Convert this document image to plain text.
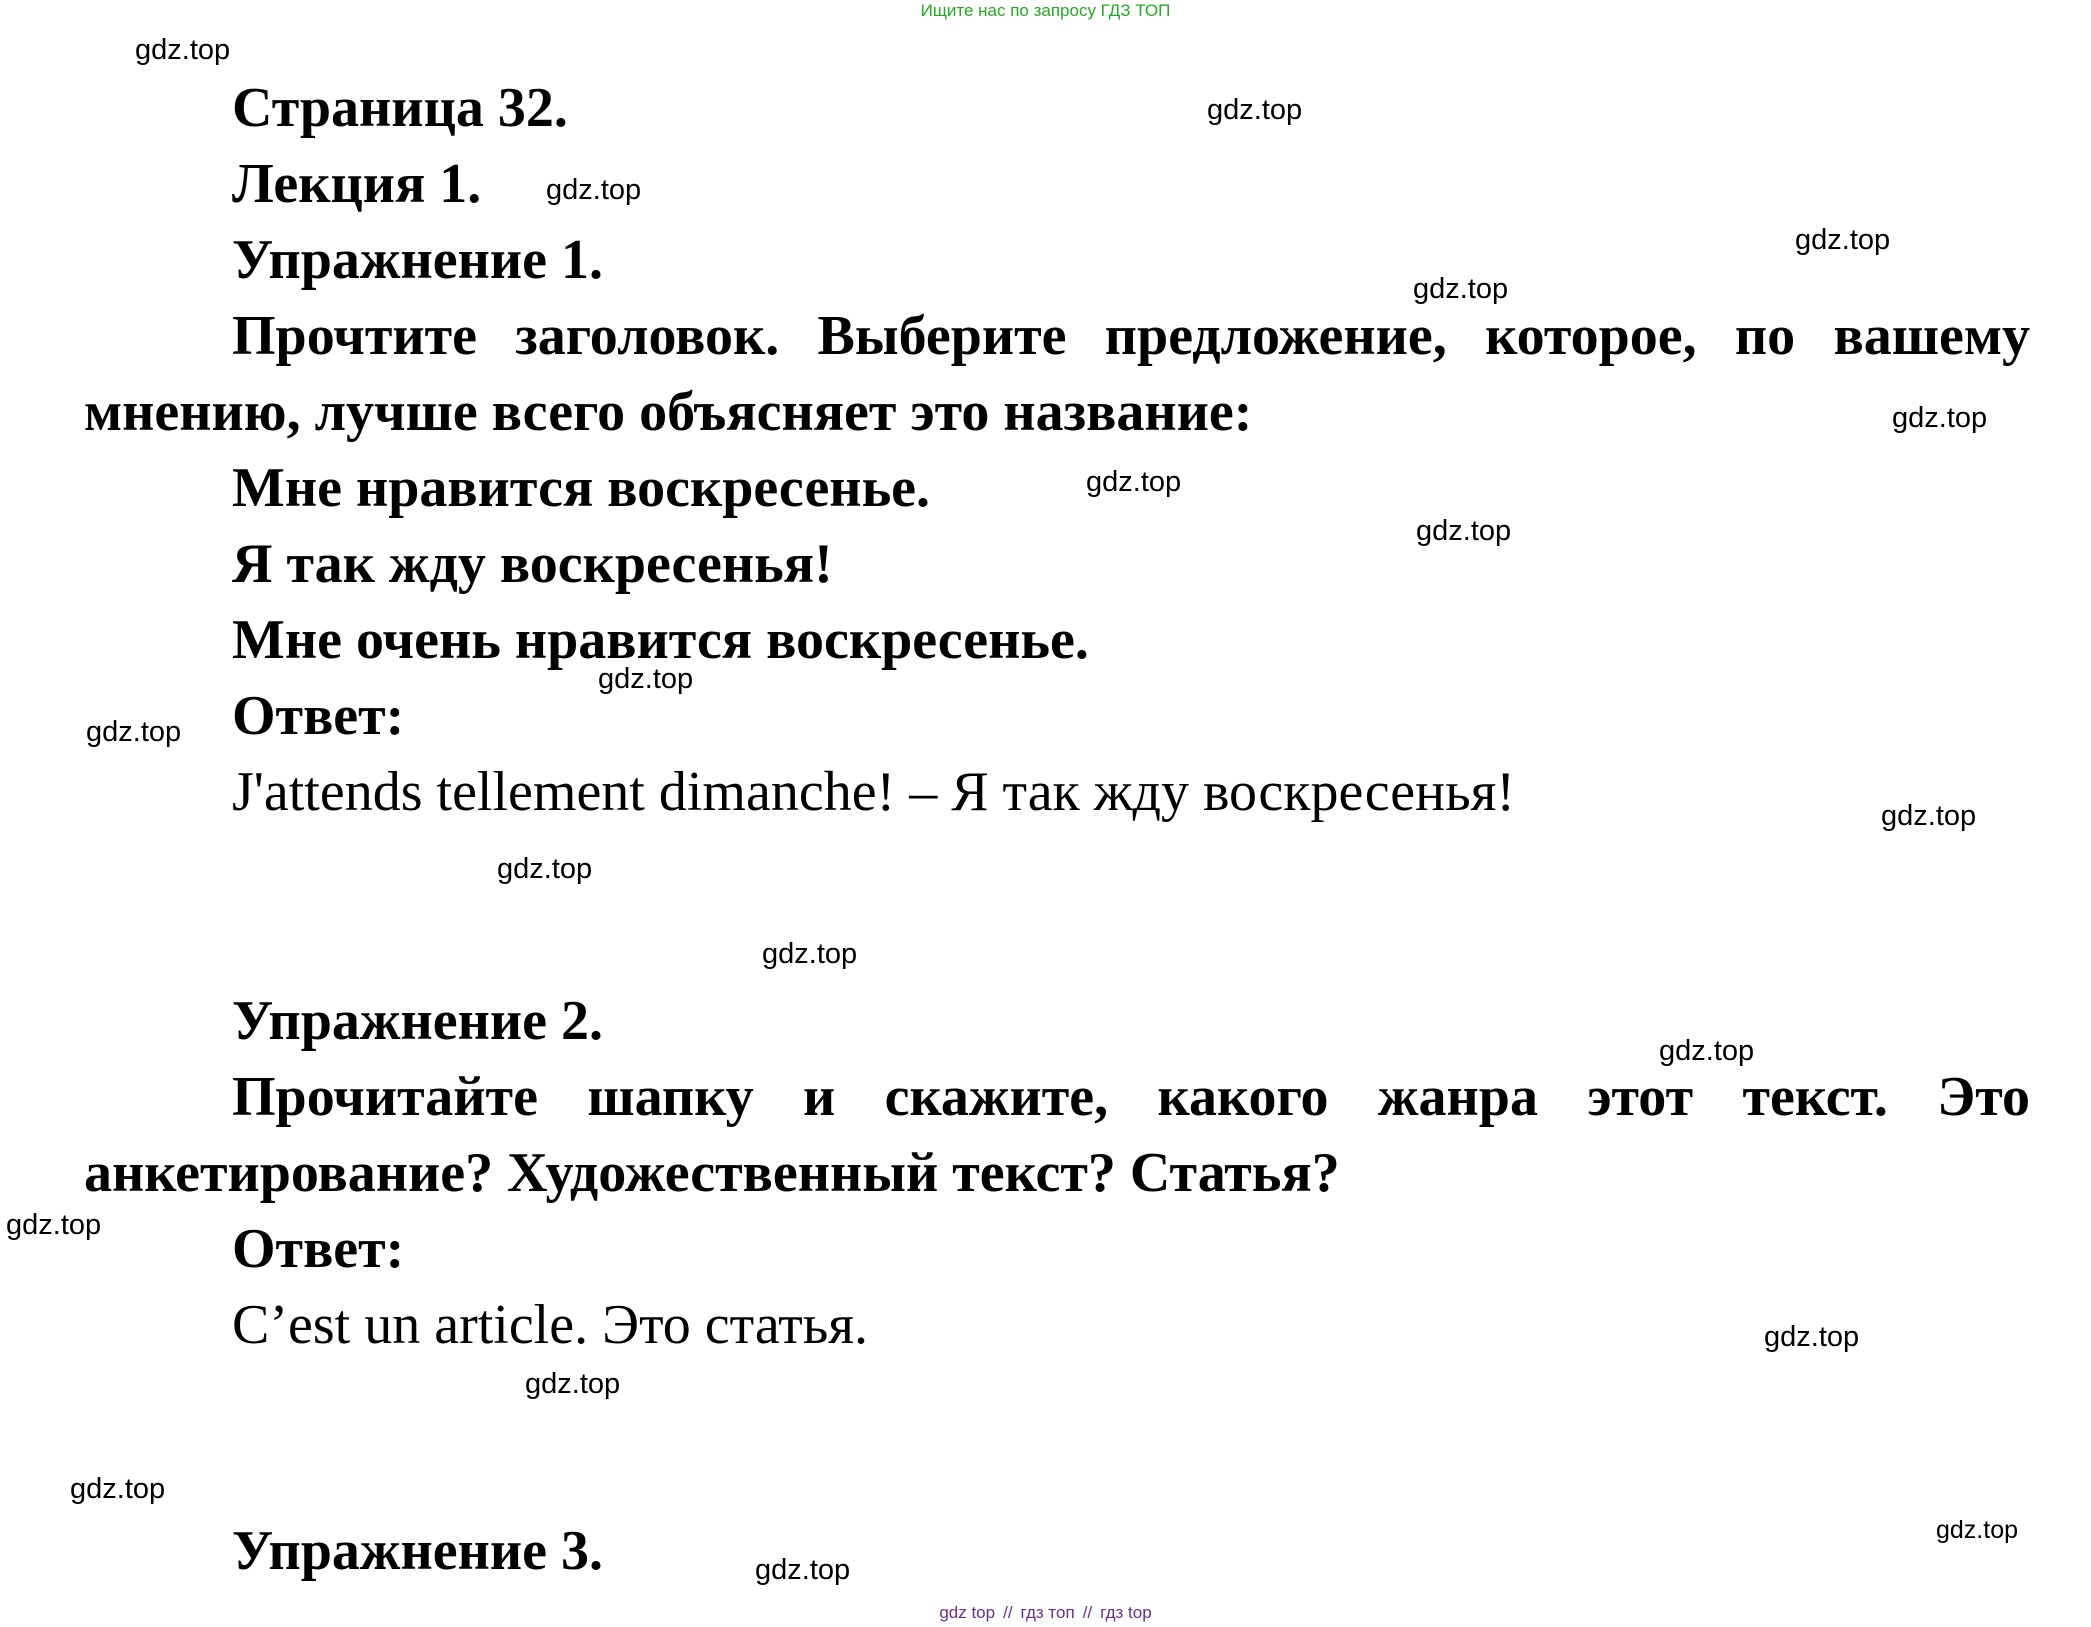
Ищите нас по запросу ГДЗ ТОП
Страница 32.
Лекция 1.
Упражнение 1.

Прочтите заголовок. Выберите предложение, которое, по вашему мнению, лучше всего объясняет это название:

Мне нравится воскресенье.
Я так жду воскресенья!
Мне очень нравится воскресенье.
Ответ:
J'attends tellement dimanche! – Я так жду воскресенья!
Упражнение 2.

Прочитайте шапку и скажите, какого жанра этот текст. Это анкетирование? Художественный текст? Статья?

Ответ:
C’est un article. Это статья.
Упражнение 3.
gdz.top
gdz.top
gdz.top
gdz.top
gdz.top
gdz.top
gdz.top
gdz.top
gdz.top
gdz.top
gdz.top
gdz.top
gdz.top
gdz.top
gdz.top
gdz.top
gdz.top
gdz.top
gdz.top
gdz.top
gdz top // гдз топ // гдз top
